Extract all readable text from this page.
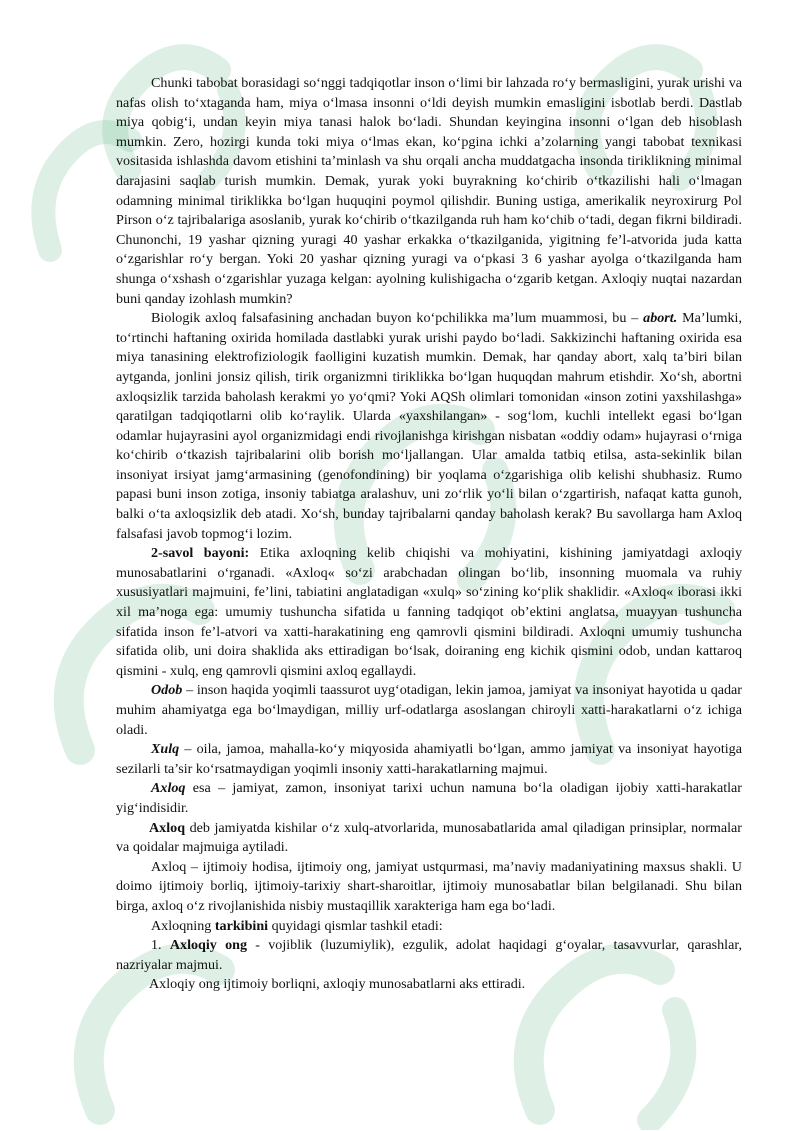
Chunki tabobat borasidagi so‘nggi tadqiqotlar inson o‘limi bir lahzada ro‘y bermasligini, yurak urishi va nafas olish to‘xtaganda ham, miya o‘lmasa insonni o‘ldi deyish mumkin emasligini isbotlab berdi. Dastlab miya qobig‘i, undan keyin miya tanasi halok bo‘ladi. Shundan keyingina insonni o‘lgan deb hisoblash mumkin. Zero, hozirgi kunda toki miya o‘lmas ekan, ko‘pgina ichki a’zolarning yangi tabobat texnikasi vositasida ishlashda davom etishini ta’minlash va shu orqali ancha muddatgacha insonda tiriklikning minimal darajasini saqlab turish mumkin. Demak, yurak yoki buyrakning ko‘chirib o‘tkazilishi hali o‘lmagan odamning minimal tiriklikka bo‘lgan huquqini poymol qilishdir. Buning ustiga, amerikalik neyroxirurg Pol Pirson o‘z tajribalariga asoslanib, yurak ko‘chirib o‘tkazilganda ruh ham ko‘chib o‘tadi, degan fikrni bildiradi. Chunonchi, 19 yashar qizning yuragi 40 yashar erkakka o‘tkazilganida, yigitning fe’l-atvorida juda katta o‘zgarishlar ro‘y bergan. Yoki 20 yashar qizning yuragi va o‘pkasi 3 6 yashar ayolga o‘tkazilganda ham shunga o‘xshash o‘zgarishlar yuzaga kelgan: ayolning kulishigacha o‘zgarib ketgan. Axloqiy nuqtai nazardan buni qanday izohlash mumkin?

Biologik axloq falsafasining anchadan buyon ko‘pchilikka ma’lum muammosi, bu – abort. Ma’lumki, to‘rtinchi haftaning oxirida homilada dastlabki yurak urishi paydo bo‘ladi. Sakkizinchi haftaning oxirida esa miya tanasining elektrofiziologik faolligini kuzatish mumkin. Demak, har qanday abort, xalq ta’biri bilan aytganda, jonlini jonsiz qilish, tirik organizmni tiriklikka bo‘lgan huquqdan mahrum etishdir. Xo‘sh, abortni axloqsizlik tarzida baholash kerakmi yo yo‘qmi? Yoki AQSh olimlari tomonidan «inson zotini yaxshilashga» qaratilgan tadqiqotlarni olib ko‘raylik. Ularda «yaxshilangan» - sog‘lom, kuchli intellekt egasi bo‘lgan odamlar hujayrasini ayol organizmidagi endi rivojlanishga kirishgan nisbatan «oddiy odam» hujayrasi o‘rniga ko‘chirib o‘tkazish tajribalarini olib borish mo‘ljallangan. Ular amalda tatbiq etilsa, asta-sekinlik bilan insoniyat irsiyat jamg‘armasining (genofondining) bir yoqlama o‘zgarishiga olib kelishi shubhasiz. Rumo papasi buni inson zotiga, insoniy tabiatga aralashuv, uni zo‘rlik yo‘li bilan o‘zgartirish, nafaqat katta gunoh, balki o‘ta axloqsizlik deb atadi. Xo‘sh, bunday tajribalarni qanday baholash kerak? Bu savollarga ham Axloq falsafasi javob topmog‘i lozim.

2-savol bayoni: Etika axloqning kelib chiqishi va mohiyatini, kishining jamiyatdagi axloqiy munosabatlarini o‘rganadi. «Axloq« so‘zi arabchadan olingan bo‘lib, insonning muomala va ruhiy xususiyatlari majmuini, fe’lini, tabiatini anglatadigan «xulq» so‘zining ko‘plik shaklidir. «Axloq« iborasi ikki xil ma’noga ega: umumiy tushuncha sifatida u fanning tadqiqot ob’ektini anglatsa, muayyan tushuncha sifatida inson fe’l-atvori va xatti-harakatining eng qamrovli qismini bildiradi. Axloqni umumiy tushuncha sifatida olib, uni doira shaklida aks ettiradigan bo‘lsak, doiraning eng kichik qismini odob, undan kattaroq qismini - xulq, eng qamrovli qismini axloq egallaydi.

Odob – inson haqida yoqimli taassurot uyg‘otadigan, lekin jamoa, jamiyat va insoniyat hayotida u qadar muhim ahamiyatga ega bo‘lmaydigan, milliy urf-odatlarga asoslangan chiroyli xatti-harakatlarni o‘z ichiga oladi.

Xulq – oila, jamoa, mahalla-ko‘y miqyosida ahamiyatli bo‘lgan, ammo jamiyat va insoniyat hayotiga sezilarli ta’sir ko‘rsatmaydigan yoqimli insoniy xatti-harakatlarning majmui.

Axloq esa – jamiyat, zamon, insoniyat tarixi uchun namuna bo‘la oladigan ijobiy xatti-harakatlar yig‘indisidir.

Axloq deb jamiyatda kishilar o‘z xulq-atvorlarida, munosabatlarida amal qiladigan prinsiplar, normalar va qoidalar majmuiga aytiladi.

Axloq – ijtimoiy hodisa, ijtimoiy ong, jamiyat ustqurmasi, ma’naviy madaniyatining maxsus shakli. U doimo ijtimoiy borliq, ijtimoiy-tarixiy shart-sharoitlar, ijtimoiy munosabatlar bilan belgilanadi. Shu bilan birga, axloq o‘z rivojlanishida nisbiy mustaqillik xarakteriga ham ega bo‘ladi.

Axloqning tarkibini quyidagi qismlar tashkil etadi:

1. Axloqiy ong - vojiblik (luzumiylik), ezgulik, adolat haqidagi g‘oyalar, tasavvurlar, qarashlar, nazriyalar majmui.

Axloqiy ong ijtimoiy borliqni, axloqiy munosabatlarni aks ettiradi.
